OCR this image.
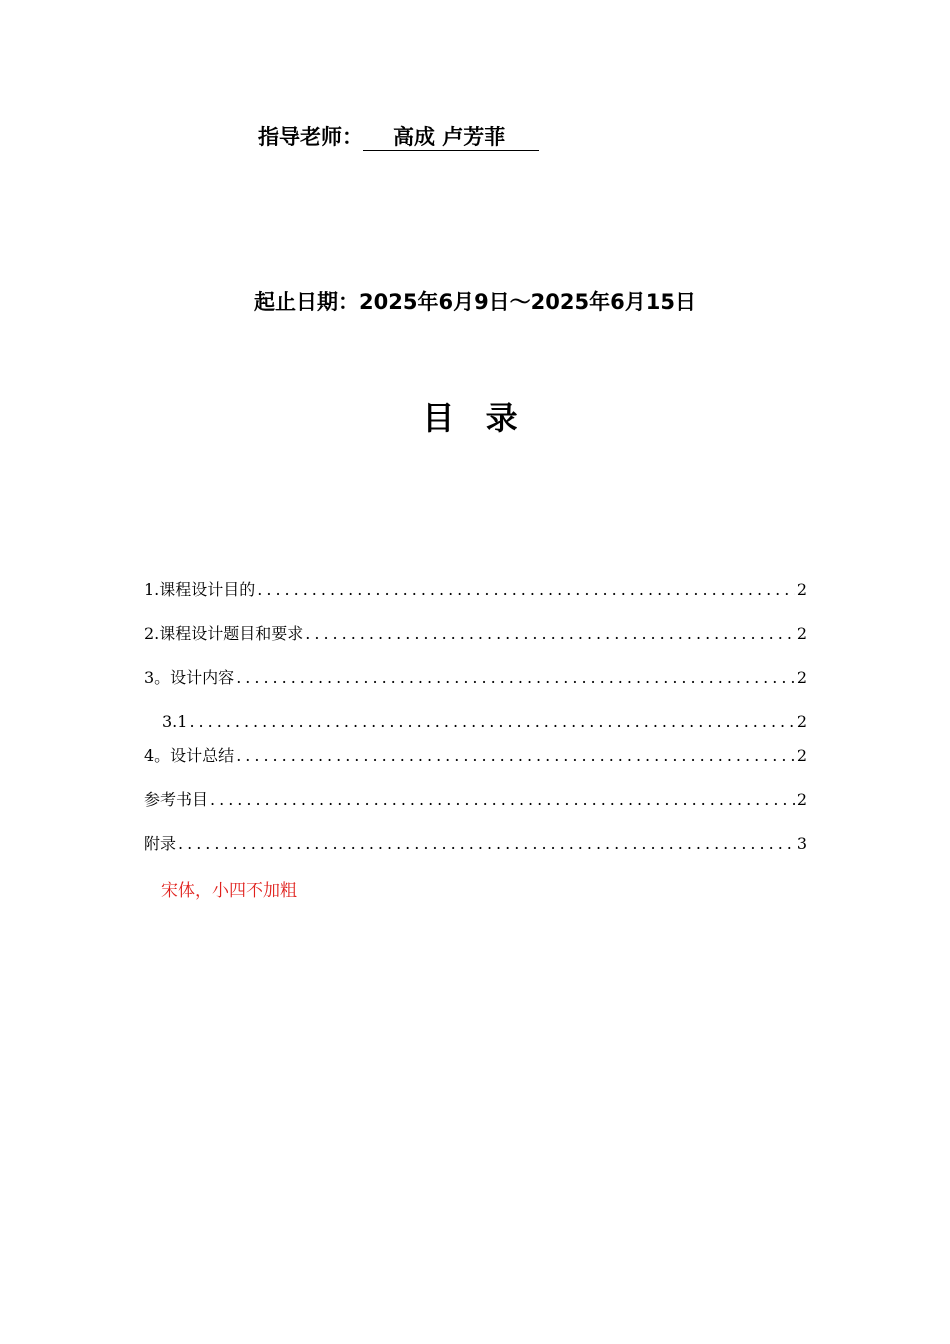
指导老师： 高成 卢芳菲
起止日期：2025年6月9日～2025年6月15日
目 录
1.课程设计目的 .....	2
2.课程设计题目和要求 .....	2
3。设计内容 .....	2
3.1 .....	2
4。设计总结 .....	2
参考书目 .....	2
附录 .....	3
宋体，小四不加粗
